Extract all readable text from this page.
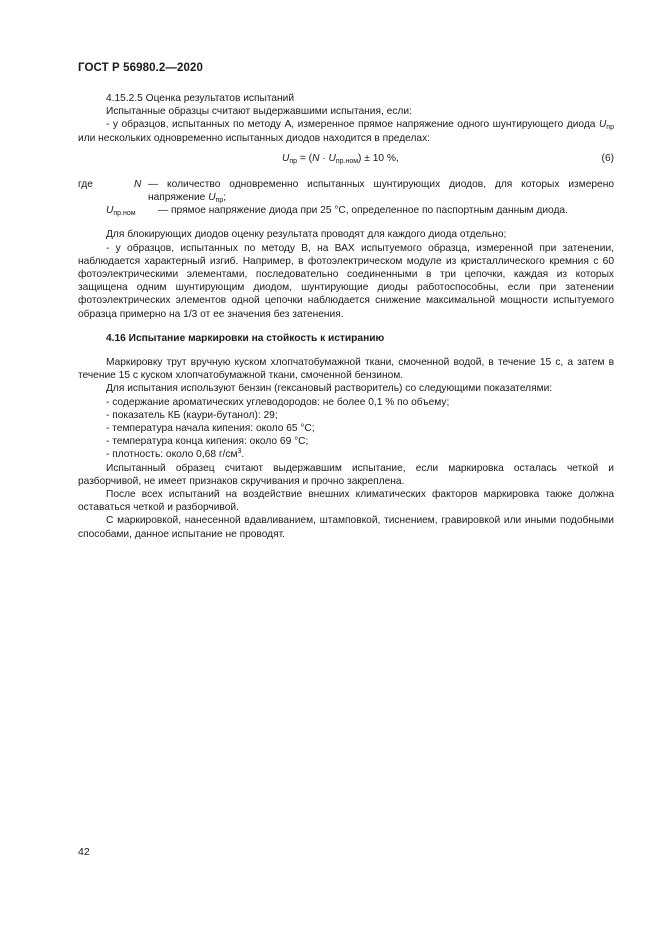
ГОСТ Р 56980.2—2020

4.15.2.5 Оценка результатов испытаний

Испытанные образцы считают выдержавшими испытания, если:

- у образцов, испытанных по методу А, измеренное прямое напряжение одного шунтирующего диода $U_{пр}$ или нескольких одновременно испытанных диодов находится в пределах:

$U_{пр} = (N \cdot U_{пр.ном}) \pm 10$ %,	(6)
где	N — количество одновременно испытанных шунтирующих диодов, для которых измерено напряжение $U_{пр}$;
$U_{пр.ном}$ — прямое напряжение диода при 25 °С, определенное по паспортным данным диода.

Для блокирующих диодов оценку результата проводят для каждого диода отдельно;

- у образцов, испытанных по методу В, на ВАХ испытуемого образца, измеренной при затенении, наблюдается характерный изгиб. Например, в фотоэлектрическом модуле из кристаллического кремния с 60 фотоэлектрическими элементами, последовательно соединенными в три цепочки, каждая из которых защищена одним шунтирующим диодом, шунтирующие диоды работоспособны, если при затенении фотоэлектрических элементов одной цепочки наблюдается снижение максимальной мощности испытуемого образца примерно на 1/3 от ее значения без затенения.

4.16 Испытание маркировки на стойкость к истиранию

Маркировку трут вручную куском хлопчатобумажной ткани, смоченной водой, в течение 15 с, а затем в течение 15 с куском хлопчатобумажной ткани, смоченной бензином.

Для испытания используют бензин (гексановый растворитель) со следующими показателями:

- содержание ароматических углеводородов: не более 0,1 % по объему;

- показатель КБ (каури-бутанол): 29;

- температура начала кипения: около 65 °С;

- температура конца кипения: около 69 °С;

- плотность: около 0,68 $г/см^3$.

Испытанный образец считают выдержавшим испытание, если маркировка осталась четкой и разборчивой, не имеет признаков скручивания и прочно закреплена.

После всех испытаний на воздействие внешних климатических факторов маркировка также должна оставаться четкой и разборчивой.

С маркировкой, нанесенной вдавливанием, штамповкой, тиснением, гравировкой или иными подобными способами, данное испытание не проводят.

42
